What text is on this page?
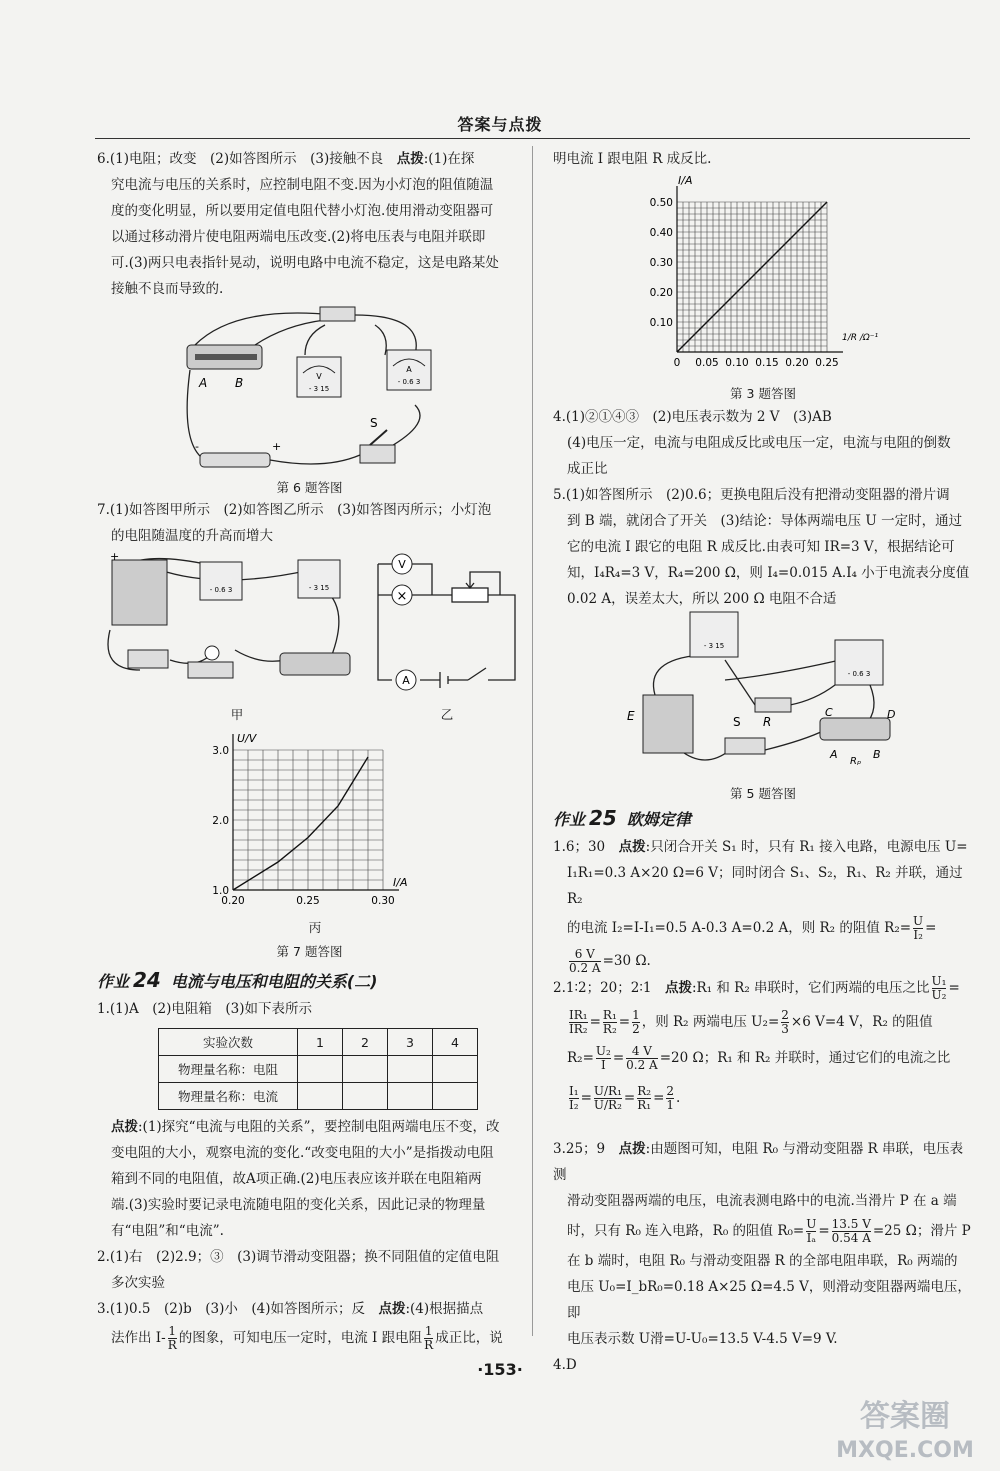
答案与点拨
6.(1)电阻；改变　(2)如答图所示　(3)接触不良　点拨:(1)在探
究电流与电压的关系时，应控制电阻不变.因为小灯泡的阻值随温
度的变化明显，所以要用定值电阻代替小灯泡.使用滑动变阻器可
以通过移动滑片使电阻两端电压改变.(2)将电压表与电阻并联即
可.(3)两只电表指针晃动，说明电路中电流不稳定，这是电路某处
接触不良而导致的.
A B	V
- 3 15
A
- 0.6 3
+
-
S
第 6 题答图
7.(1)如答图甲所示　(2)如答图乙所示　(3)如答图丙所示；小灯泡
的电阻随温度的升高而增大
+
- 0.6 3	- 3 15
甲
V
×
A
乙
0.20	0.25	0.30
1.0
2.0
3.0
U/V
I/A
丙
第 7 题答图
作业 24 电流与电压和电阻的关系(二)
1.(1)A　(2)电阻箱　(3)如下表所示
实验次数	1	2	3	4
物理量名称：电阻				
物理量名称：电流				
点拨:(1)探究“电流与电阻的关系”，要控制电阻两端电压不变，改
变电阻的大小，观察电流的变化.“改变电阻的大小”是指拨动电阻
箱到不同的电阻值，故A项正确.(2)电压表应该并联在电阻箱两
端.(3)实验时要记录电流随电阻的变化关系，因此记录的物理量
有“电阻”和“电流”.
2.(1)右　(2)2.9；③　(3)调节滑动变阻器；换不同阻值的定值电阻
多次实验
3.(1)0.5　(2)b　(3)小　(4)如答图所示；反　点拨:(4)根据描点
法作出 $I- \frac{1}{R}$ 的图象，可知电压一定时，电流 I 跟电阻 $\frac{1}{R}$ 成正比，说
明电流 I 跟电阻 R 成反比.
0 0.05 0.10 0.15 0.20 0.25
0.10
0.20
0.30
0.40
0.50
I/A
1/R /Ω⁻¹
第 3 题答图
4.(1)②①④③　(2)电压表示数为 2 V　(3)AB
(4)电压一定，电流与电阻成反比或电压一定，电流与电阻的倒数
成正比
5.(1)如答图所示　(2)0.6；更换电阻后没有把滑动变阻器的滑片调
到 B 端，就闭合了开关　(3)结论：导体两端电压 U 一定时，通过
它的电流 I 跟它的电阻 R 成反比.由表可知 IR=3 V，根据结论可
知，I₄R₄=3 V，R₄=200 Ω，则 I₄=0.015 A.I₄ 小于电流表分度值
0.02 A，误差太大，所以 200 Ω 电阻不合适
- 3 15
- 0.6 3
R
E	S
C	D
A	B
Rₚ
第 5 题答图
作业 25 欧姆定律
1.6；30　点拨:只闭合开关 S₁ 时，只有 R₁ 接入电路，电源电压 U=
I₁R₁=0.3 A×20 Ω=6 V；同时闭合 S₁、S₂，R₁、R₂ 并联，通过 R₂
的电流 I₂=I-I₁=0.5 A-0.3 A=0.2 A，则 R₂ 的阻值 $R_2= \frac{U}{\text{I₂}}$ =
$\frac{6 V}{0.2 A} =30$ Ω.
2.1∶2；20；2∶1　点拨:R₁ 和 R₂ 串联时，它们两端的电压之比 $\frac{\text{U₁}}{\text{U₂}}$ =
$\frac{\text{IR₁}}{\text{IR₂}} = \frac{\text{R₁}}{\text{R₂}} = \frac{1}{2}$ ，则 R₂ 两端电压 $U_2= \frac{2}{3} \times 6$ V=4 V，R₂ 的阻值
$R_2= \frac{\text{U₂}}{I} = \frac{4 V}{0.2 A} =20$ Ω；R₁ 和 R₂ 并联时，通过它们的电流之比
$\frac{\text{I₁}}{\text{I₂}} = \frac{\text{U/R₁}}{\text{U/R₂}} = \frac{\text{R₂}}{\text{R₁}} = \frac{2}{1}$ .
3.25；9　点拨:由题图可知，电阻 R₀ 与滑动变阻器 R 串联，电压表测
滑动变阻器两端的电压，电流表测电路中的电流.当滑片 P 在 a 端
时，只有 R₀ 连入电路，R₀ 的阻值 $R_0= \frac{U}{\text{Iₐ}} = \frac{13.5 V}{0.54 A} =25$ Ω；滑片 P
在 b 端时，电阻 R₀ 与滑动变阻器 R 的全部电阻串联，R₀ 两端的
电压 U₀=I_bR₀=0.18 A×25 Ω=4.5 V，则滑动变阻器两端电压，即
电压表示数 U滑=U-U₀=13.5 V-4.5 V=9 V.
4.D
·153·
答案圈
MXQE.COM
